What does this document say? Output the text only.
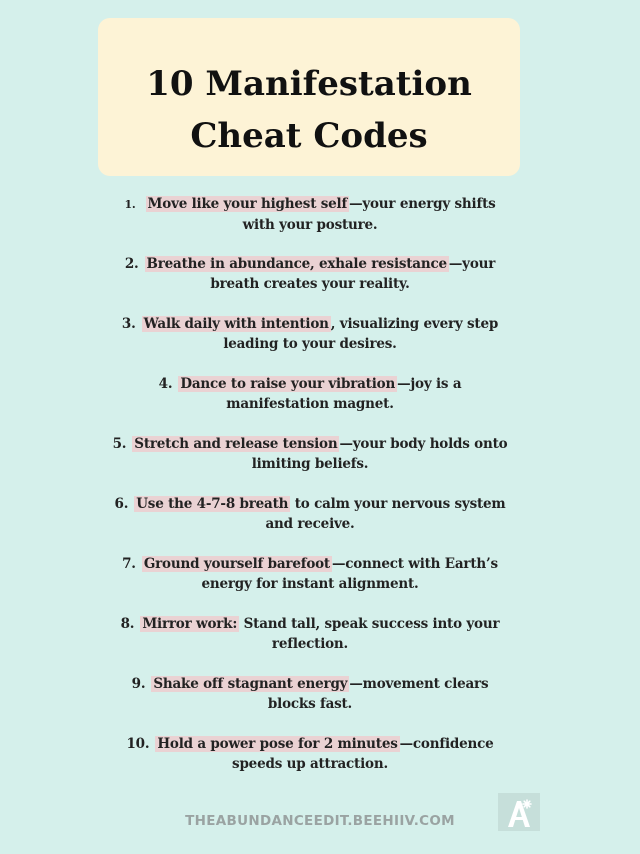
10 Manifestation
Cheat Codes
1. Move like your highest self —your energy shifts with your posture.
2. Breathe in abundance, exhale resistance —your breath creates your reality.
3. Walk daily with intention , visualizing every step leading to your desires.
4. Dance to raise your vibration —joy is a manifestation magnet.
5. Stretch and release tension —your body holds onto limiting beliefs.
6. Use the 4-7-8 breath to calm your nervous system and receive.
7. Ground yourself barefoot —connect with Earth’s energy for instant alignment.
8. Mirror work: Stand tall, speak success into your reflection.
9. Shake off stagnant energy —movement clears blocks fast.
10. Hold a power pose for 2 minutes —confidence speeds up attraction.
THEABUNDANCEEDIT.BEEHIIV.COM
